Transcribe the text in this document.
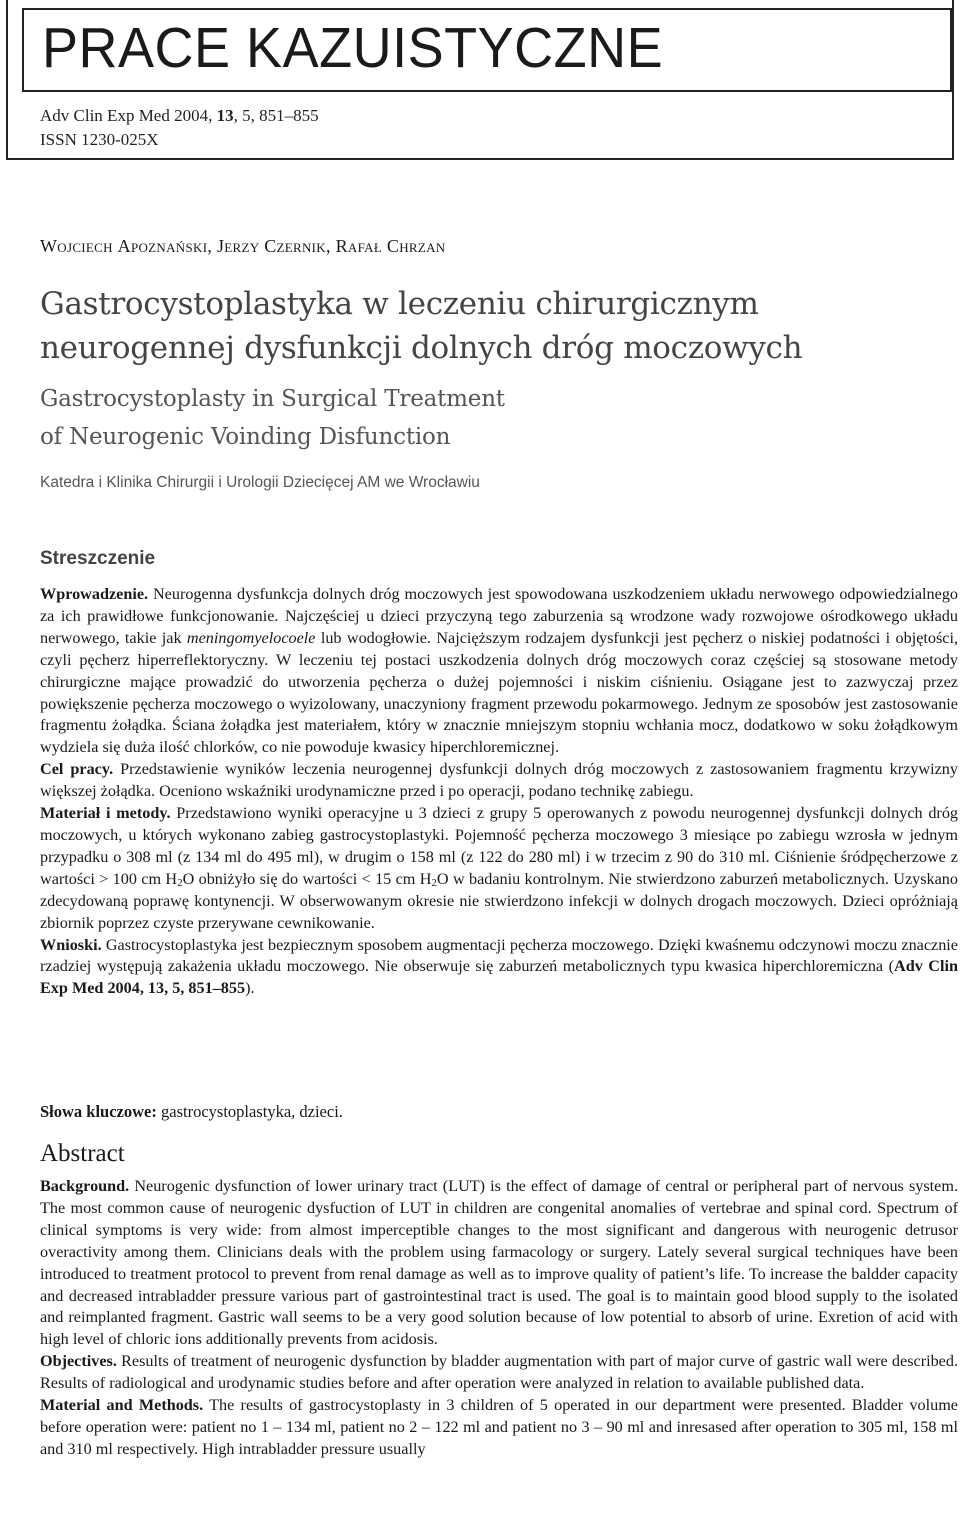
PRACE KAZUISTYCZNE
Adv Clin Exp Med 2004, 13, 5, 851–855
ISSN 1230-025X
Wojciech Apoznański, Jerzy Czernik, Rafał Chrzan
Gastrocystoplastyka w leczeniu chirurgicznym
neurogennej dysfunkcji dolnych dróg moczowych
Gastrocystoplasty in Surgical Treatment
of Neurogenic Voinding Disfunction
Katedra i Klinika Chirurgii i Urologii Dziecięcej AM we Wrocławiu
Streszczenie
Wprowadzenie. Neurogenna dysfunkcja dolnych dróg moczowych jest spowodowana uszkodzeniem układu nerwowego odpowiedzialnego za ich prawidłowe funkcjonowanie. Najczęściej u dzieci przyczyną tego zaburzenia są wrodzone wady rozwojowe ośrodkowego układu nerwowego, takie jak meningomyelocoele lub wodogłowie. Najcięższym rodzajem dysfunkcji jest pęcherz o niskiej podatności i objętości, czyli pęcherz hiperreflektoryczny. W leczeniu tej postaci uszkodzenia dolnych dróg moczowych coraz częściej są stosowane metody chirurgiczne mające prowadzić do utworzenia pęcherza o dużej pojemności i niskim ciśnieniu. Osiągane jest to zazwyczaj przez powiększenie pęcherza moczowego o wyizolowany, unaczyniony fragment przewodu pokarmowego. Jednym ze sposobów jest zastosowanie fragmentu żołądka. Ściana żołądka jest materiałem, który w znacznie mniejszym stopniu wchłania mocz, dodatkowo w soku żołądkowym wydziela się duża ilość chlorków, co nie powoduje kwasicy hiperchloremicznej.
Cel pracy. Przedstawienie wyników leczenia neurogennej dysfunkcji dolnych dróg moczowych z zastosowaniem fragmentu krzywizny większej żołądka. Oceniono wskaźniki urodynamiczne przed i po operacji, podano technikę zabiegu.
Materiał i metody. Przedstawiono wyniki operacyjne u 3 dzieci z grupy 5 operowanych z powodu neurogennej dysfunkcji dolnych dróg moczowych, u których wykonano zabieg gastrocystoplastyki. Pojemność pęcherza moczowego 3 miesiące po zabiegu wzrosła w jednym przypadku o 308 ml (z 134 ml do 495 ml), w drugim o 158 ml (z 122 do 280 ml) i w trzecim z 90 do 310 ml. Ciśnienie śródpęcherzowe z wartości > 100 cm $H_2O$ obniżyło się do wartości < 15 cm $H_2O$ w badaniu kontrolnym. Nie stwierdzono zaburzeń metabolicznych. Uzyskano zdecydowaną poprawę kontynencji. W obserwowanym okresie nie stwierdzono infekcji w dolnych drogach moczowych. Dzieci opróżniają zbiornik poprzez czyste przerywane cewnikowanie.
Wnioski. Gastrocystoplastyka jest bezpiecznym sposobem augmentacji pęcherza moczowego. Dzięki kwaśnemu odczynowi moczu znacznie rzadziej występują zakażenia układu moczowego. Nie obserwuje się zaburzeń metabolicznych typu kwasica hiperchloremiczna (Adv Clin Exp Med 2004, 13, 5, 851–855).
Słowa kluczowe: gastrocystoplastyka, dzieci.
Abstract
Background. Neurogenic dysfunction of lower urinary tract (LUT) is the effect of damage of central or peripheral part of nervous system. The most common cause of neurogenic dysfuction of LUT in children are congenital anomalies of vertebrae and spinal cord. Spectrum of clinical symptoms is very wide: from almost imperceptible changes to the most significant and dangerous with neurogenic detrusor overactivity among them. Clinicians deals with the problem using farmacology or surgery. Lately several surgical techniques have been introduced to treatment protocol to prevent from renal damage as well as to improve quality of patient’s life. To increase the baldder capacity and decreased intrabladder pressure various part of gastrointestinal tract is used. The goal is to maintain good blood supply to the isolated and reimplanted fragment. Gastric wall seems to be a very good solution because of low potential to absorb of urine. Exretion of acid with high level of chloric ions additionally prevents from acidosis.
Objectives. Results of treatment of neurogenic dysfunction by bladder augmentation with part of major curve of gastric wall were described. Results of radiological and urodynamic studies before and after operation were analyzed in relation to available published data.
Material and Methods. The results of gastrocystoplasty in 3 children of 5 operated in our department were presented. Bladder volume before operation were: patient no 1 – 134 ml, patient no 2 – 122 ml and patient no 3 – 90 ml and inresased after operation to 305 ml, 158 ml and 310 ml respectively. High intrabladder pressure usually
